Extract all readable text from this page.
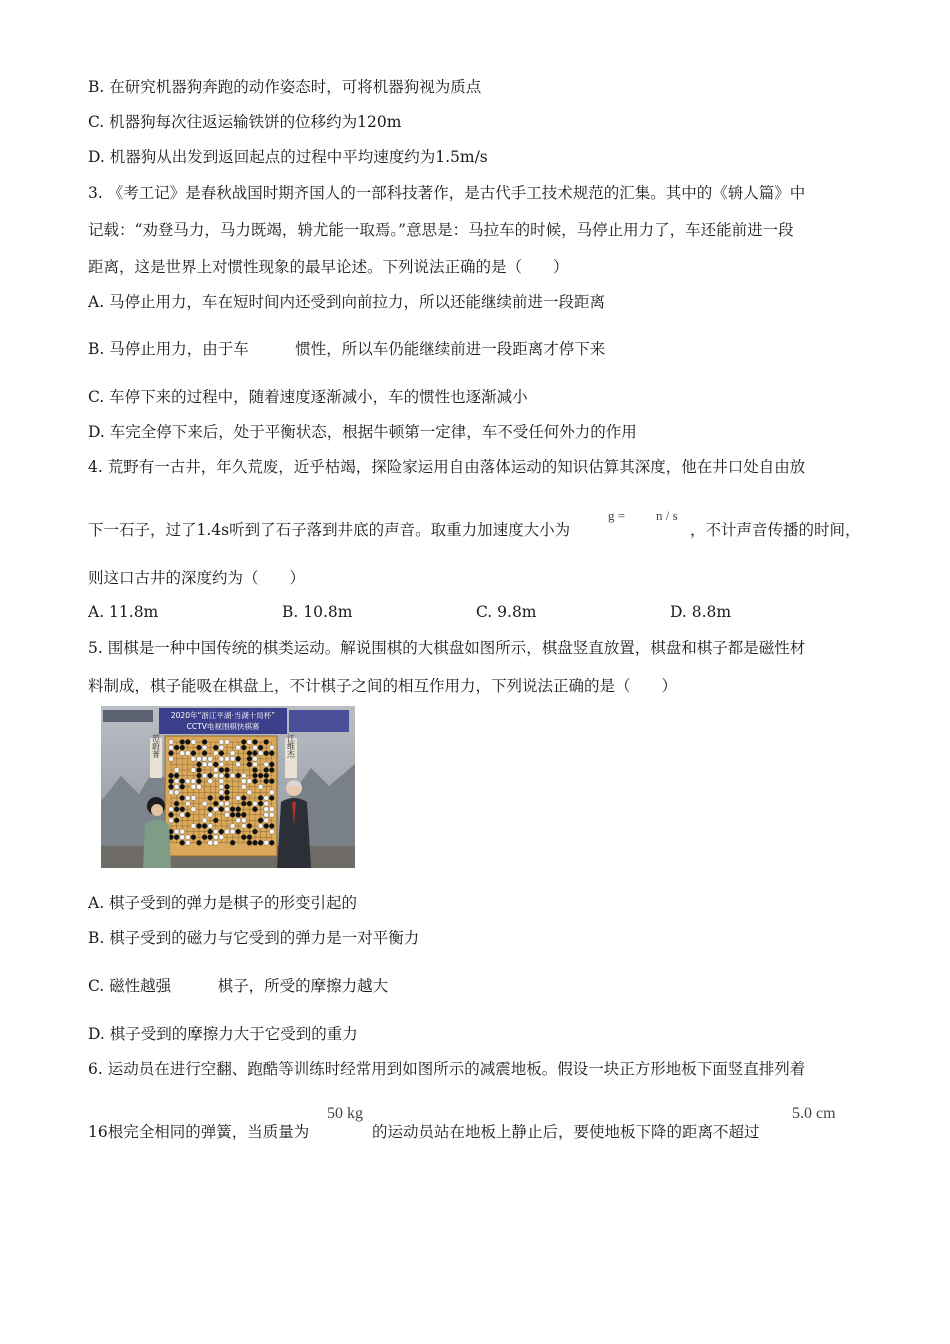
B. 在研究机器狗奔跑的动作姿态时，可将机器狗视为质点
C. 机器狗每次往返运输铁饼的位移约为120m
D. 机器狗从出发到返回起点的过程中平均速度约为1.5m/s
3. 《考工记》是春秋战国时期齐国人的一部科技著作，是古代手工技术规范的汇集。其中的《辀人篇》中
记载：“劝登马力，马力既竭，辀尤能一取焉。”意思是：马拉车的时候，马停止用力了，车还能前进一段
距离，这是世界上对惯性现象的最早论述。下列说法正确的是（　　）
A. 马停止用力，车在短时间内还受到向前拉力，所以还能继续前进一段距离
B. 马停止用力，由于车　　　惯性，所以车仍能继续前进一段距离才停下来
C. 车停下来的过程中，随着速度逐渐减小，车的惯性也逐渐减小
D. 车完全停下来后，处于平衡状态，根据牛顿第一定律，车不受任何外力的作用
4. 荒野有一古井，年久荒废，近乎枯竭，探险家运用自由落体运动的知识估算其深度，他在井口处自由放
下一石子，过了1.4s听到了石子落到井底的声音。取重力加速度大小为
g = n / s
，不计声音传播的时间，
则这口古井的深度约为（　　）
A. 11.8m	B. 10.8m	C. 9.8m	D. 8.8m
5. 围棋是一种中国传统的棋类运动。解说围棋的大棋盘如图所示，棋盘竖直放置，棋盘和棋子都是磁性材
料制成，棋子能吸在棋盘上，不计棋子之间的相互作用力，下列说法正确的是（　　）
2020年“浙江平湖·当湖十局杯”
CCTV电视围棋快棋赛
范蔚菁	江维杰
A. 棋子受到的弹力是棋子的形变引起的
B. 棋子受到的磁力与它受到的弹力是一对平衡力
C. 磁性越强　　　棋子，所受的摩擦力越大
D. 棋子受到的摩擦力大于它受到的重力
6. 运动员在进行空翻、跑酷等训练时经常用到如图所示的减震地板。假设一块正方形地板下面竖直排列着
16根完全相同的弹簧，当质量为
50 kg
的运动员站在地板上静止后，要使地板下降的距离不超过
5.0 cm
